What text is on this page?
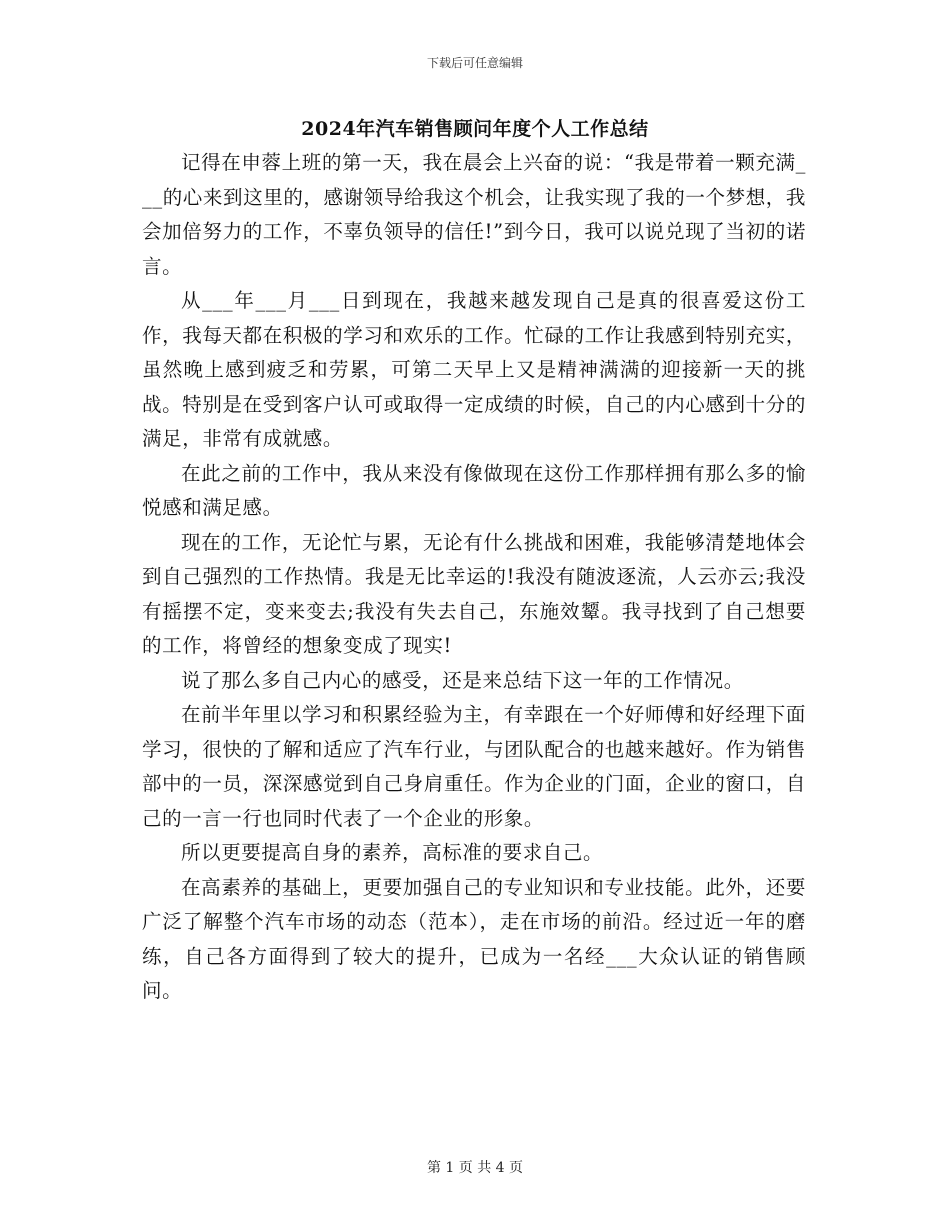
下载后可任意编辑
2024年汽车销售顾问年度个人工作总结

记得在申蓉上班的第一天，我在晨会上兴奋的说：“我是带着一颗充满___的心来到这里的，感谢领导给我这个机会，让我实现了我的一个梦想，我会加倍努力的工作，不辜负领导的信任!”到今日，我可以说兑现了当初的诺言。

从___年___月___日到现在，我越来越发现自己是真的很喜爱这份工作，我每天都在积极的学习和欢乐的工作。忙碌的工作让我感到特别充实，虽然晚上感到疲乏和劳累，可第二天早上又是精神满满的迎接新一天的挑战。特别是在受到客户认可或取得一定成绩的时候，自己的内心感到十分的满足，非常有成就感。

在此之前的工作中，我从来没有像做现在这份工作那样拥有那么多的愉悦感和满足感。

现在的工作，无论忙与累，无论有什么挑战和困难，我能够清楚地体会到自己强烈的工作热情。我是无比幸运的!我没有随波逐流，人云亦云;我没有摇摆不定，变来变去;我没有失去自己，东施效颦。我寻找到了自己想要的工作，将曾经的想象变成了现实!

说了那么多自己内心的感受，还是来总结下这一年的工作情况。

在前半年里以学习和积累经验为主，有幸跟在一个好师傅和好经理下面学习，很快的了解和适应了汽车行业，与团队配合的也越来越好。作为销售部中的一员，深深感觉到自己身肩重任。作为企业的门面，企业的窗口，自己的一言一行也同时代表了一个企业的形象。

所以更要提高自身的素养，高标准的要求自己。

在高素养的基础上，更要加强自己的专业知识和专业技能。此外，还要广泛了解整个汽车市场的动态（范本），走在市场的前沿。经过近一年的磨练，自己各方面得到了较大的提升，已成为一名经___大众认证的销售顾问。

第 1 页 共 4 页
